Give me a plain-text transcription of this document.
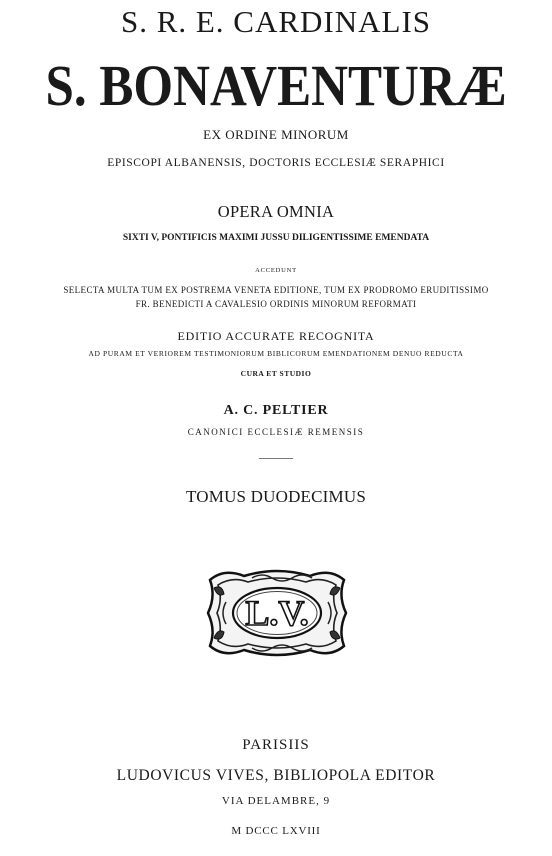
S. R. E. CARDINALIS
S. BONAVENTURÆ
EX ORDINE MINORUM
EPISCOPI ALBANENSIS, DOCTORIS ECCLESIÆ SERAPHICI
OPERA OMNIA
SIXTI V, PONTIFICIS MAXIMI JUSSU DILIGENTISSIME EMENDATA
ACCEDUNT
SELECTA MULTA TUM EX POSTREMA VENETA EDITIONE, TUM EX PRODROMO ERUDITISSIMO
FR. BENEDICTI A CAVALESIO ORDINIS MINORUM REFORMATI
EDITIO ACCURATE RECOGNITA
AD PURAM ET VERIOREM TESTIMONIORUM BIBLICORUM EMENDATIONEM DENUO REDUCTA
CURA ET STUDIO
A. C. PELTIER
CANONICI ECCLESIÆ REMENSIS
TOMUS DUODECIMUS
L.V.
PARISIIS
LUDOVICUS VIVES, BIBLIOPOLA EDITOR
VIA DELAMBRE, 9
M DCCC LXVIII
